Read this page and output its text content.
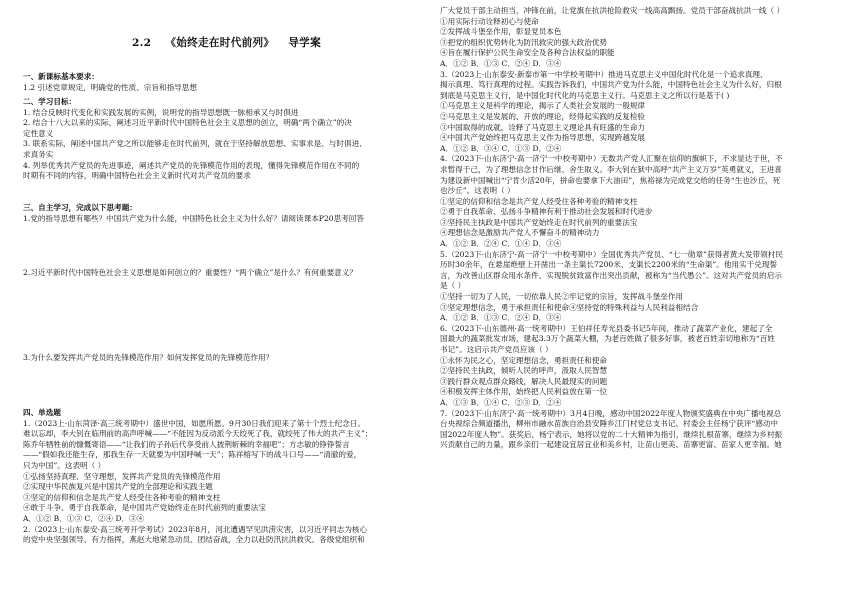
2.2 《始终走在时代前列》 导学案
一、新课标基本要求：
1.2 引述党章规定，明确党的性质、宗旨和指导思想
二、学习目标：
1. 结合反映时代变化和实践发展的实例，说明党的指导思想既一脉相承又与时俱进
2. 结合十八大以来的实际，阐述习近平新时代中国特色社会主义思想的创立，明确“两个确立”的决
定性意义
3. 联系实际，阐述中国共产党之所以能够走在时代前列，就在于坚持解放思想、实事求是、与时俱进、
求真务实
4. 列举优秀共产党员的先进事迹，阐述共产党员的先锋模范作用的表现，懂得先锋模范作用在不同的
时期有不同的内容，明确中国特色社会主义新时代对共产党员的要求
三、自主学习，完成以下思考题：
1.党的指导思想有哪些？中国共产党为什么能，中国特色社会主义为什么好？请阅读课本P20思考回答
2.习近平新时代中国特色社会主义思想是如何创立的？重要性？“两个确立”是什么？有何重要意义？
3.为什么要发挥共产党员的先锋模范作用？如何发挥党员的先锋模范作用？
四、单选题
1.（2023上·山东菏泽·高三统考期中）盛世中国，如愿所愿。9月30日我们迎来了第十个烈士纪念日。
难以忘却，李大钊在临刑前的高声呼喊——“不能因为反动派今天绞死了我，就绞死了伟大的共产主义”；
陈乔年牺牲前的慷慨寄语——“让我们的子孙后代享受前人披荆斩棘的幸福吧”；方志敏的铮铮誓言
——“假如我还能生存，那我生存一天就要为中国呼喊一天”；陈祥榕写下的战斗口号——“清澈的爱，
只为中国”。这表明（ ）
①弘扬坚持真理、坚守理想，发挥共产党员的先锋模范作用
②实现中华民族复兴是中国共产党的全部理论和实践主题
③坚定的信仰和信念是共产党人经受住各种考验的精神支柱
④敢于斗争、勇于自我革命，是中国共产党始终走在时代前列的重要法宝
A．①② B．①③ C．②④ D．③④
2.（2023上·山东泰安·高三统考开学考试）2023年8月，河北遭遇罕见洪涝灾害，以习近平同志为核心
的党中央坚强领导、有力指挥，燕赵大地紧急动员、团结奋战，全力以赴防汛抗洪救灾。各级党组织和
广大党员干部主动担当，冲锋在前，让党旗在抗洪抢险救灾一线高高飘扬。党员干部奋战抗洪一线（ ）
①用实际行动诠释初心与使命
②发挥战斗堡垒作用，彰显党员本色
③把党的组织优势转化为防汛救灾的强大政治优势
④旨在履行保护公民生命安全及各种合法权益的职能
A．①② B．①③ C．②④ D．③④
3.（2023上·山东泰安·新泰市第一中学校考期中）推进马克思主义中国化时代化是一个追求真理、
揭示真理、笃行真理的过程。实践告诉我们，中国共产党为什么能，中国特色社会主义为什么好，归根
到底是马克思主义行，是中国化时代化的马克思主义行。马克思主义之所以行是基于( )
①马克思主义是科学的理论，揭示了人类社会发展的一般规律
②马克思主义是发展的、开放的理论，经得起实践的反复检验
③中国取得的成就，诠释了马克思主义理论具有旺盛的生命力
④中国共产党始终把马克思主义作为指导思想，实现跨越发展
A．①② B．③④ C．①③ D．②④
4.（2023下·山东济宁·高一济宁一中校考期中）无数共产党人汇聚在信仰的旗帜下，不求显达于世，不
求暂得于己，为了理想信念甘作后继、舍生取义。李大钊在狱中高呼“共产主义万岁”英勇就义，王进喜
为建设新中国喊出“宁肯少活20年，拼命也要拿下大油田”，焦裕禄为完成党交给的任务“生也沙丘，死
也沙丘”。这表明（ ）
①坚定的信仰和信念是共产党人经受住各种考验的精神支柱
②勇于自我革命、弘扬斗争精神有利于推动社会发展和时代进步
③坚持民主执政是中国共产党始终走在时代前列的重要法宝
④理想信念是激励共产党人不懈奋斗的精神动力
A．①② B．②④ C．①④ D．③④
5.（2023下·山东济宁·高一济宁一中校考期中）全国优秀共产党员、“七一勋章”获得者黄大发带领村民
历时30余年，在悬崖绝壁上开凿出一条主渠长7200米、支渠长2200米的“生命渠”。他用实干兑现誓
言，为改善山区群众用水条件、实现脱贫致富作出突出贡献，被称为“当代愚公”。这对共产党员的启示
是（ ）
①坚持一切为了人民，一切依靠人民②牢记党的宗旨，发挥战斗堡垒作用
③坚定理想信念，勇于承担责任和使命④坚持党的特殊利益与人民利益相结合
A．①② B．①③ C．②④ D．③④
6.（2023下·山东德州·高一统考期中）王伯祥任寿光县委书记5年间，推动了蔬菜产业化，建起了全
国最大的蔬菜批发市场，建起3.3万个蔬菜大棚，为老百姓做了很多好事，被老百姓亲切地称为“百姓
书记”。这启示共产党员应该（ ）
①永怀为民之心，坚定理想信念，勇担责任和使命
②坚持民主执政，倾听人民的呼声，汲取人民智慧
③践行群众观点群众路线，解决人民最现实的问题
④积极发挥主体作用，始终把人民利益放在第一位
A．①③ B．①④ C．②③ D．②④
7.（2023下·山东济宁·高一统考期中）3月4日晚，感动中国2022年度人物颁奖盛典在中央广播电视总
台央视综合频道播出，柳州市融水苗族自治县安陲乡江门村党总支书记、村委会主任杨宁获评“感动中
国2022年度人物”。获奖后，杨宁表示，她将以党的二十大精神为指引，继续扎根苗寨，继续为乡村振
兴贡献自己的力量，跟乡亲们一起建设宜居宜业和美乡村，让苗山更美、苗寨更富、苗家人更幸福。她
